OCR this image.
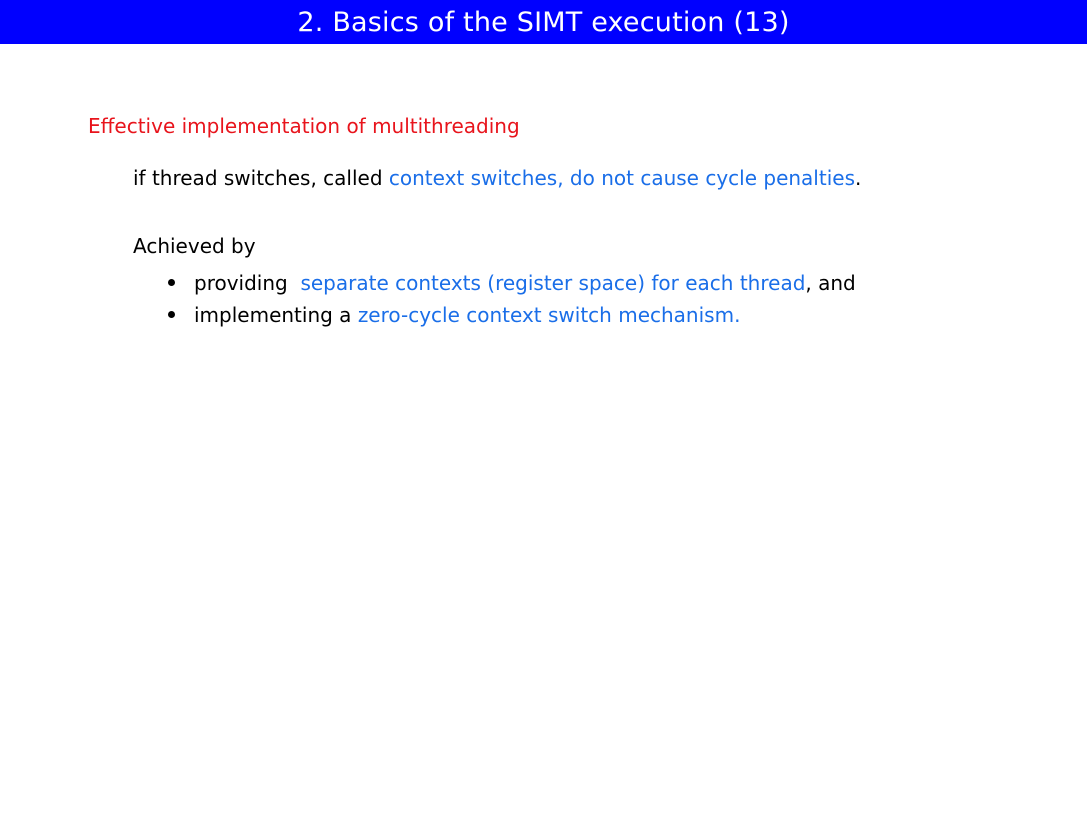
2. Basics of the SIMT execution (13)
Effective implementation of multithreading
if thread switches, called context switches, do not cause cycle penalties.
Achieved by
providing  separate contexts (register space) for each thread, and
implementing a zero-cycle context switch mechanism.
